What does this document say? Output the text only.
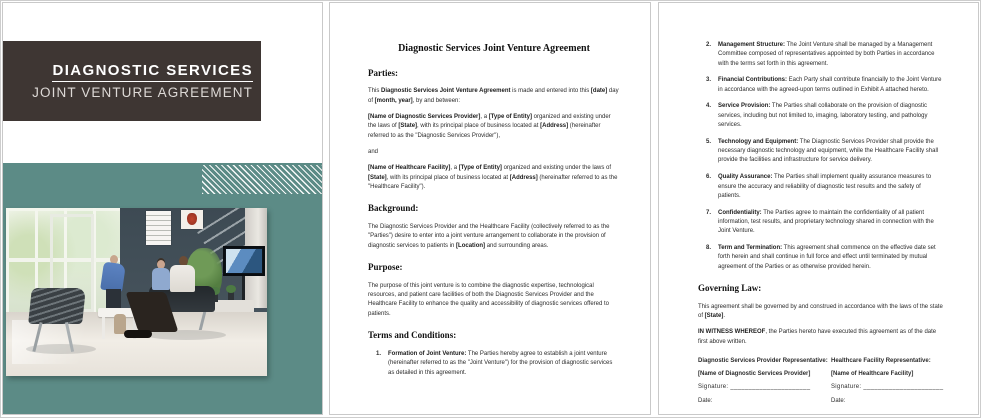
DIAGNOSTIC SERVICES
JOINT VENTURE AGREEMENT
Diagnostic Services Joint Venture Agreement
Parties:

This Diagnostic Services Joint Venture Agreement is made and entered into this [date] day of [month, year], by and between:

[Name of Diagnostic Services Provider], a [Type of Entity] organized and existing under the laws of [State], with its principal place of business located at [Address] (hereinafter referred to as the "Diagnostic Services Provider"),

and

[Name of Healthcare Facility], a [Type of Entity] organized and existing under the laws of [State], with its principal place of business located at [Address] (hereinafter referred to as the "Healthcare Facility").

Background:

The Diagnostic Services Provider and the Healthcare Facility (collectively referred to as the "Parties") desire to enter into a joint venture arrangement to collaborate in the provision of diagnostic services to patients in [Location] and surrounding areas.

Purpose:

The purpose of this joint venture is to combine the diagnostic expertise, technological resources, and patient care facilities of both the Diagnostic Services Provider and the Healthcare Facility to enhance the quality and accessibility of diagnostic services offered to patients.

Terms and Conditions:
1.	Formation of Joint Venture: The Parties hereby agree to establish a joint venture (hereinafter referred to as the "Joint Venture") for the provision of diagnostic services as detailed in this agreement.
2.	Management Structure: The Joint Venture shall be managed by a Management Committee composed of representatives appointed by both Parties in accordance with the terms set forth in this agreement.
3.	Financial Contributions: Each Party shall contribute financially to the Joint Venture in accordance with the agreed-upon terms outlined in Exhibit A attached hereto.
4.	Service Provision: The Parties shall collaborate on the provision of diagnostic services, including but not limited to, imaging, laboratory testing, and pathology services.
5.	Technology and Equipment: The Diagnostic Services Provider shall provide the necessary diagnostic technology and equipment, while the Healthcare Facility shall provide the facilities and infrastructure for service delivery.
6.	Quality Assurance: The Parties shall implement quality assurance measures to ensure the accuracy and reliability of diagnostic test results and the safety of patients.
7.	Confidentiality: The Parties agree to maintain the confidentiality of all patient information, test results, and proprietary technology shared in connection with the Joint Venture.
8.	Term and Termination: This agreement shall commence on the effective date set forth herein and shall continue in full force and effect until terminated by mutual agreement of the Parties or as otherwise provided herein.
Governing Law:

This agreement shall be governed by and construed in accordance with the laws of the state of [State].

IN WITNESS WHEREOF, the Parties hereto have executed this agreement as of the date first above written.

Diagnostic Services Provider Representative:
[Name of Diagnostic Services Provider]
Signature: ______________________
Date:
Healthcare Facility Representative:
[Name of Healthcare Facility]
Signature: ______________________
Date:
